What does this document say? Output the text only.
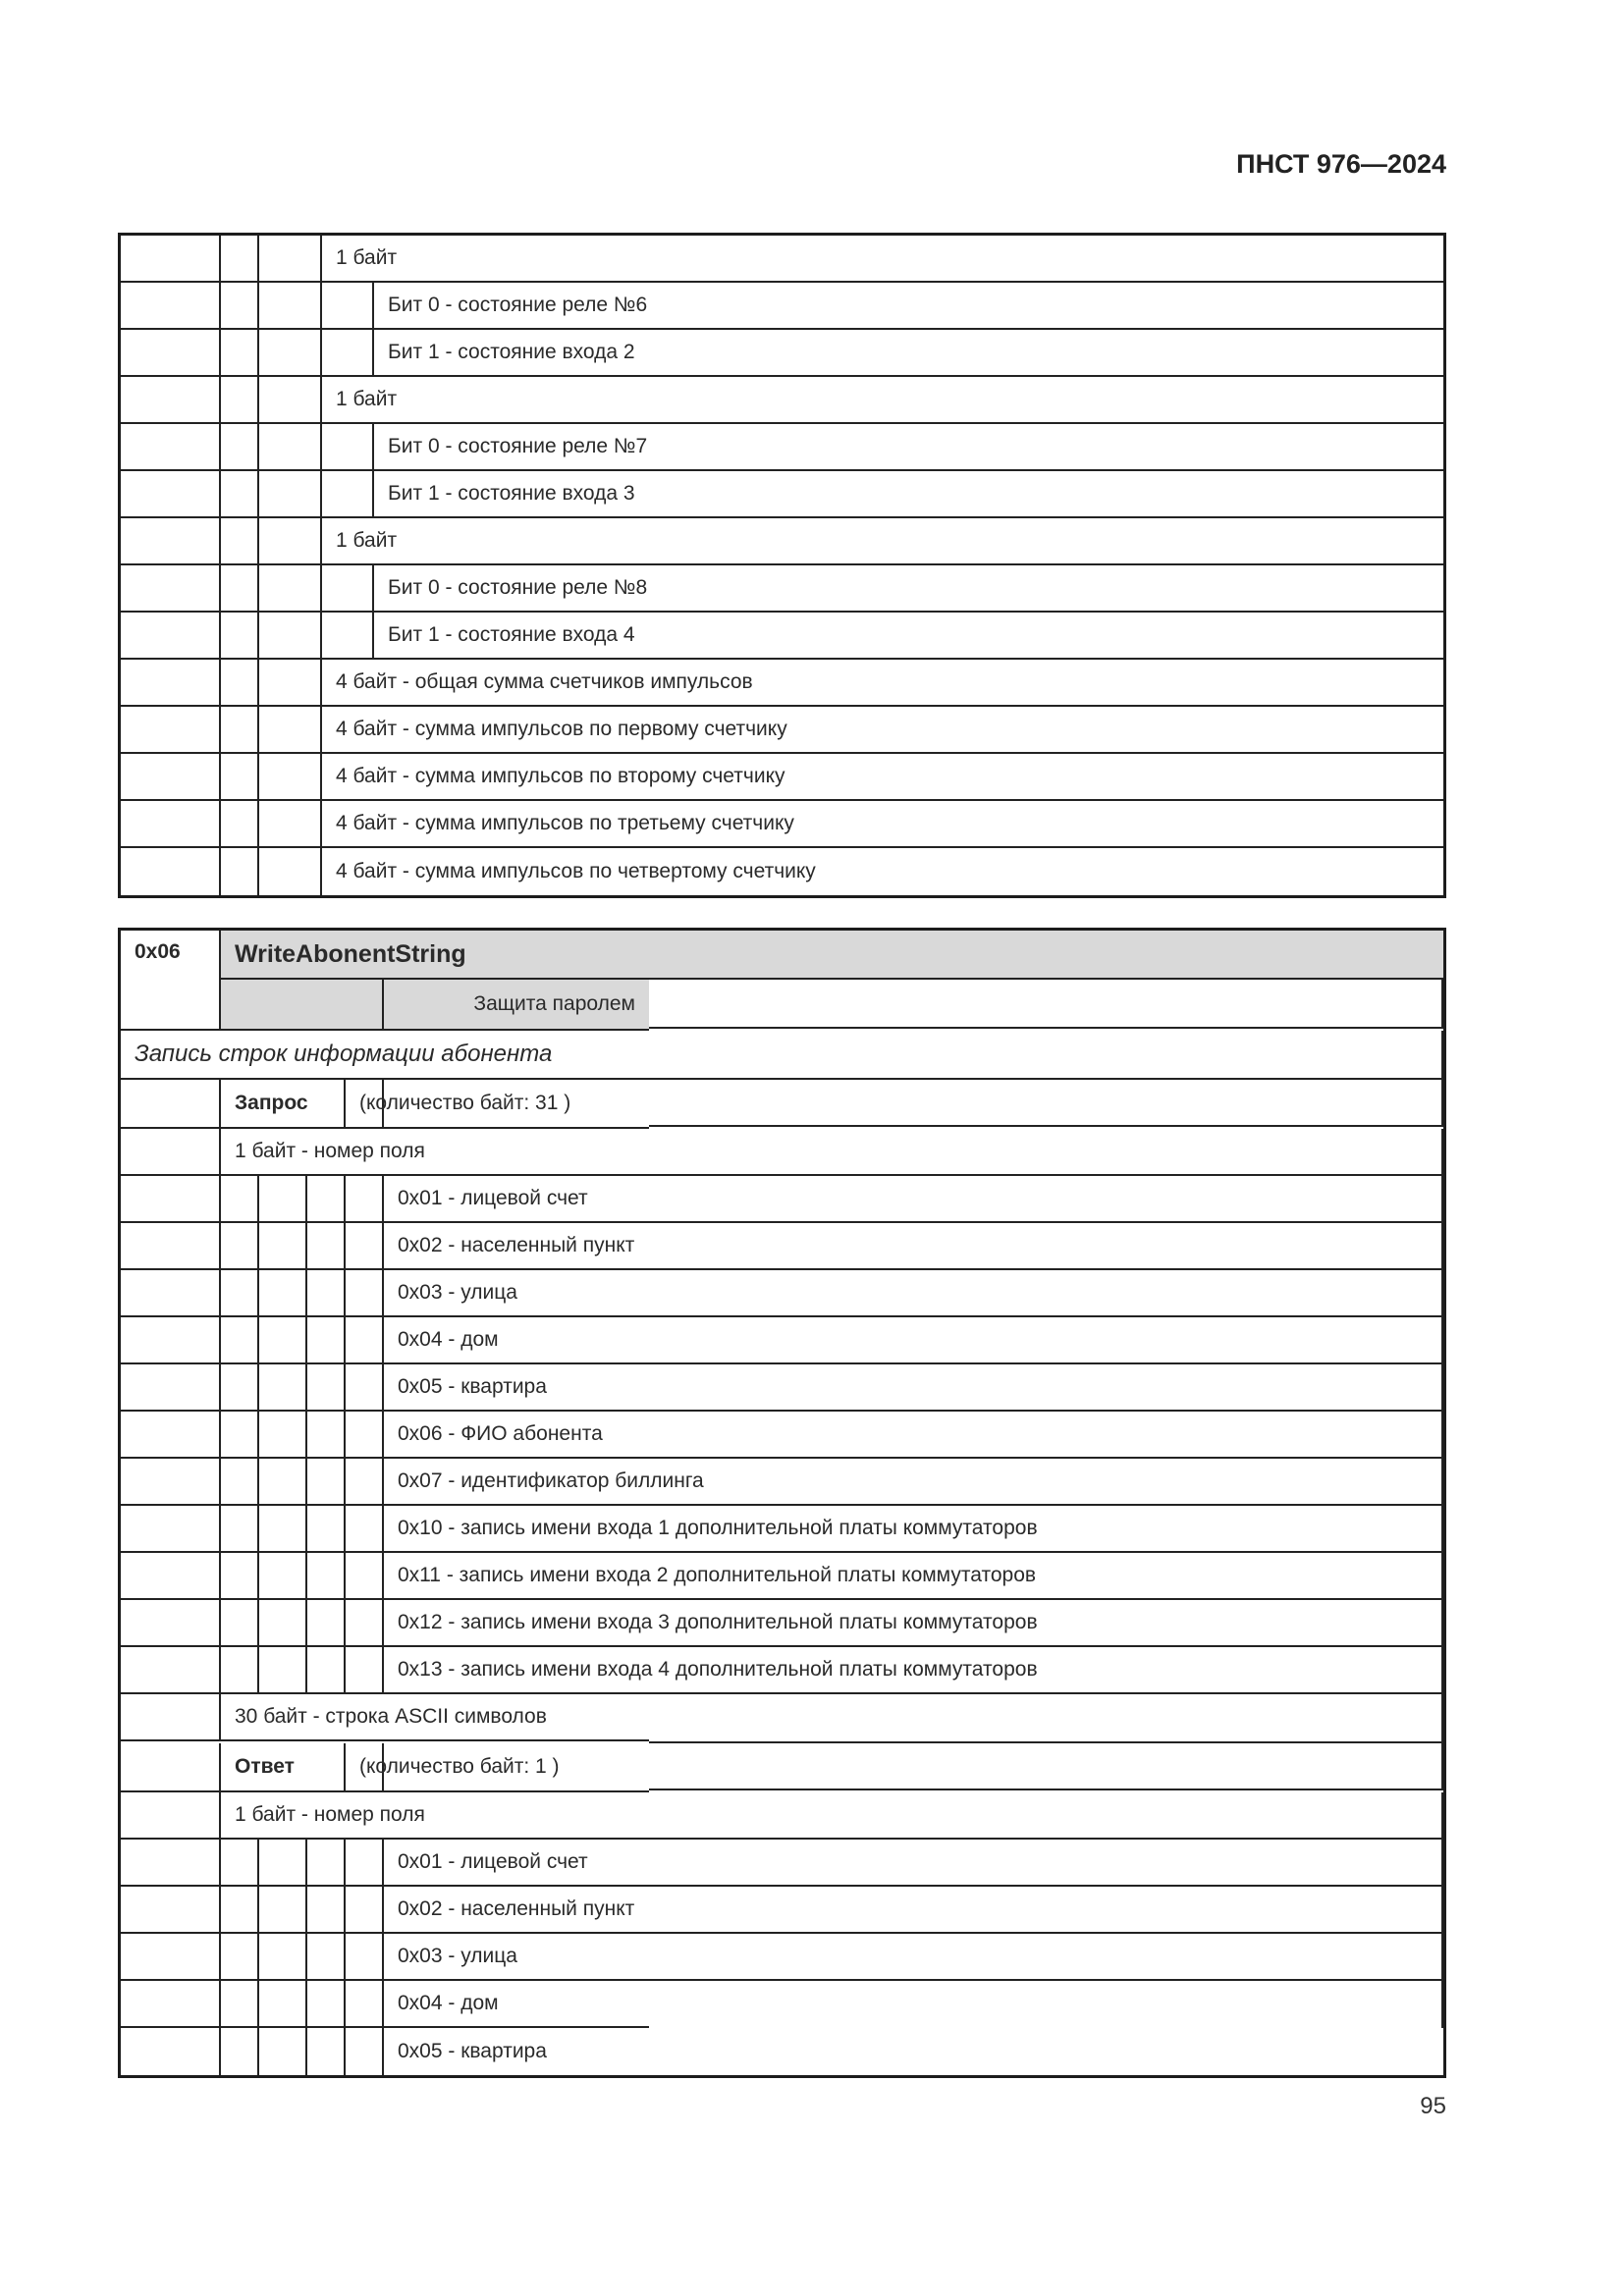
ПНСТ 976—2024
1 байт
Бит 0 - состояние реле №6
Бит 1 - состояние входа 2
1 байт
Бит 0 - состояние реле №7
Бит 1 - состояние входа 3
1 байт
Бит 0 - состояние реле №8
Бит 1 - состояние входа 4
4 байт - общая сумма счетчиков импульсов
4 байт - сумма импульсов по первому счетчику
4 байт - сумма импульсов по второму счетчику
4 байт - сумма импульсов по третьему счетчику
4 байт - сумма импульсов по четвертому счетчику
0x06	WriteAbonentString
Защита паролем
Запись строк информации абонента
Запрос	(количество байт: 31 )
1 байт - номер поля
0x01 - лицевой счет
0x02 - населенный пункт
0x03 - улица
0x04 - дом
0x05 - квартира
0x06 - ФИО абонента
0x07 - идентификатор биллинга
0x10 - запись имени входа 1 дополнительной платы коммутаторов
0x11 - запись имени входа 2 дополнительной платы коммутаторов
0x12 - запись имени входа 3 дополнительной платы коммутаторов
0x13 - запись имени входа 4 дополнительной платы коммутаторов
30 байт - строка ASCII символов
Ответ	(количество байт: 1 )
1 байт - номер поля
0x01 - лицевой счет
0x02 - населенный пункт
0x03 - улица
0x04 - дом
0x05 - квартира
95
